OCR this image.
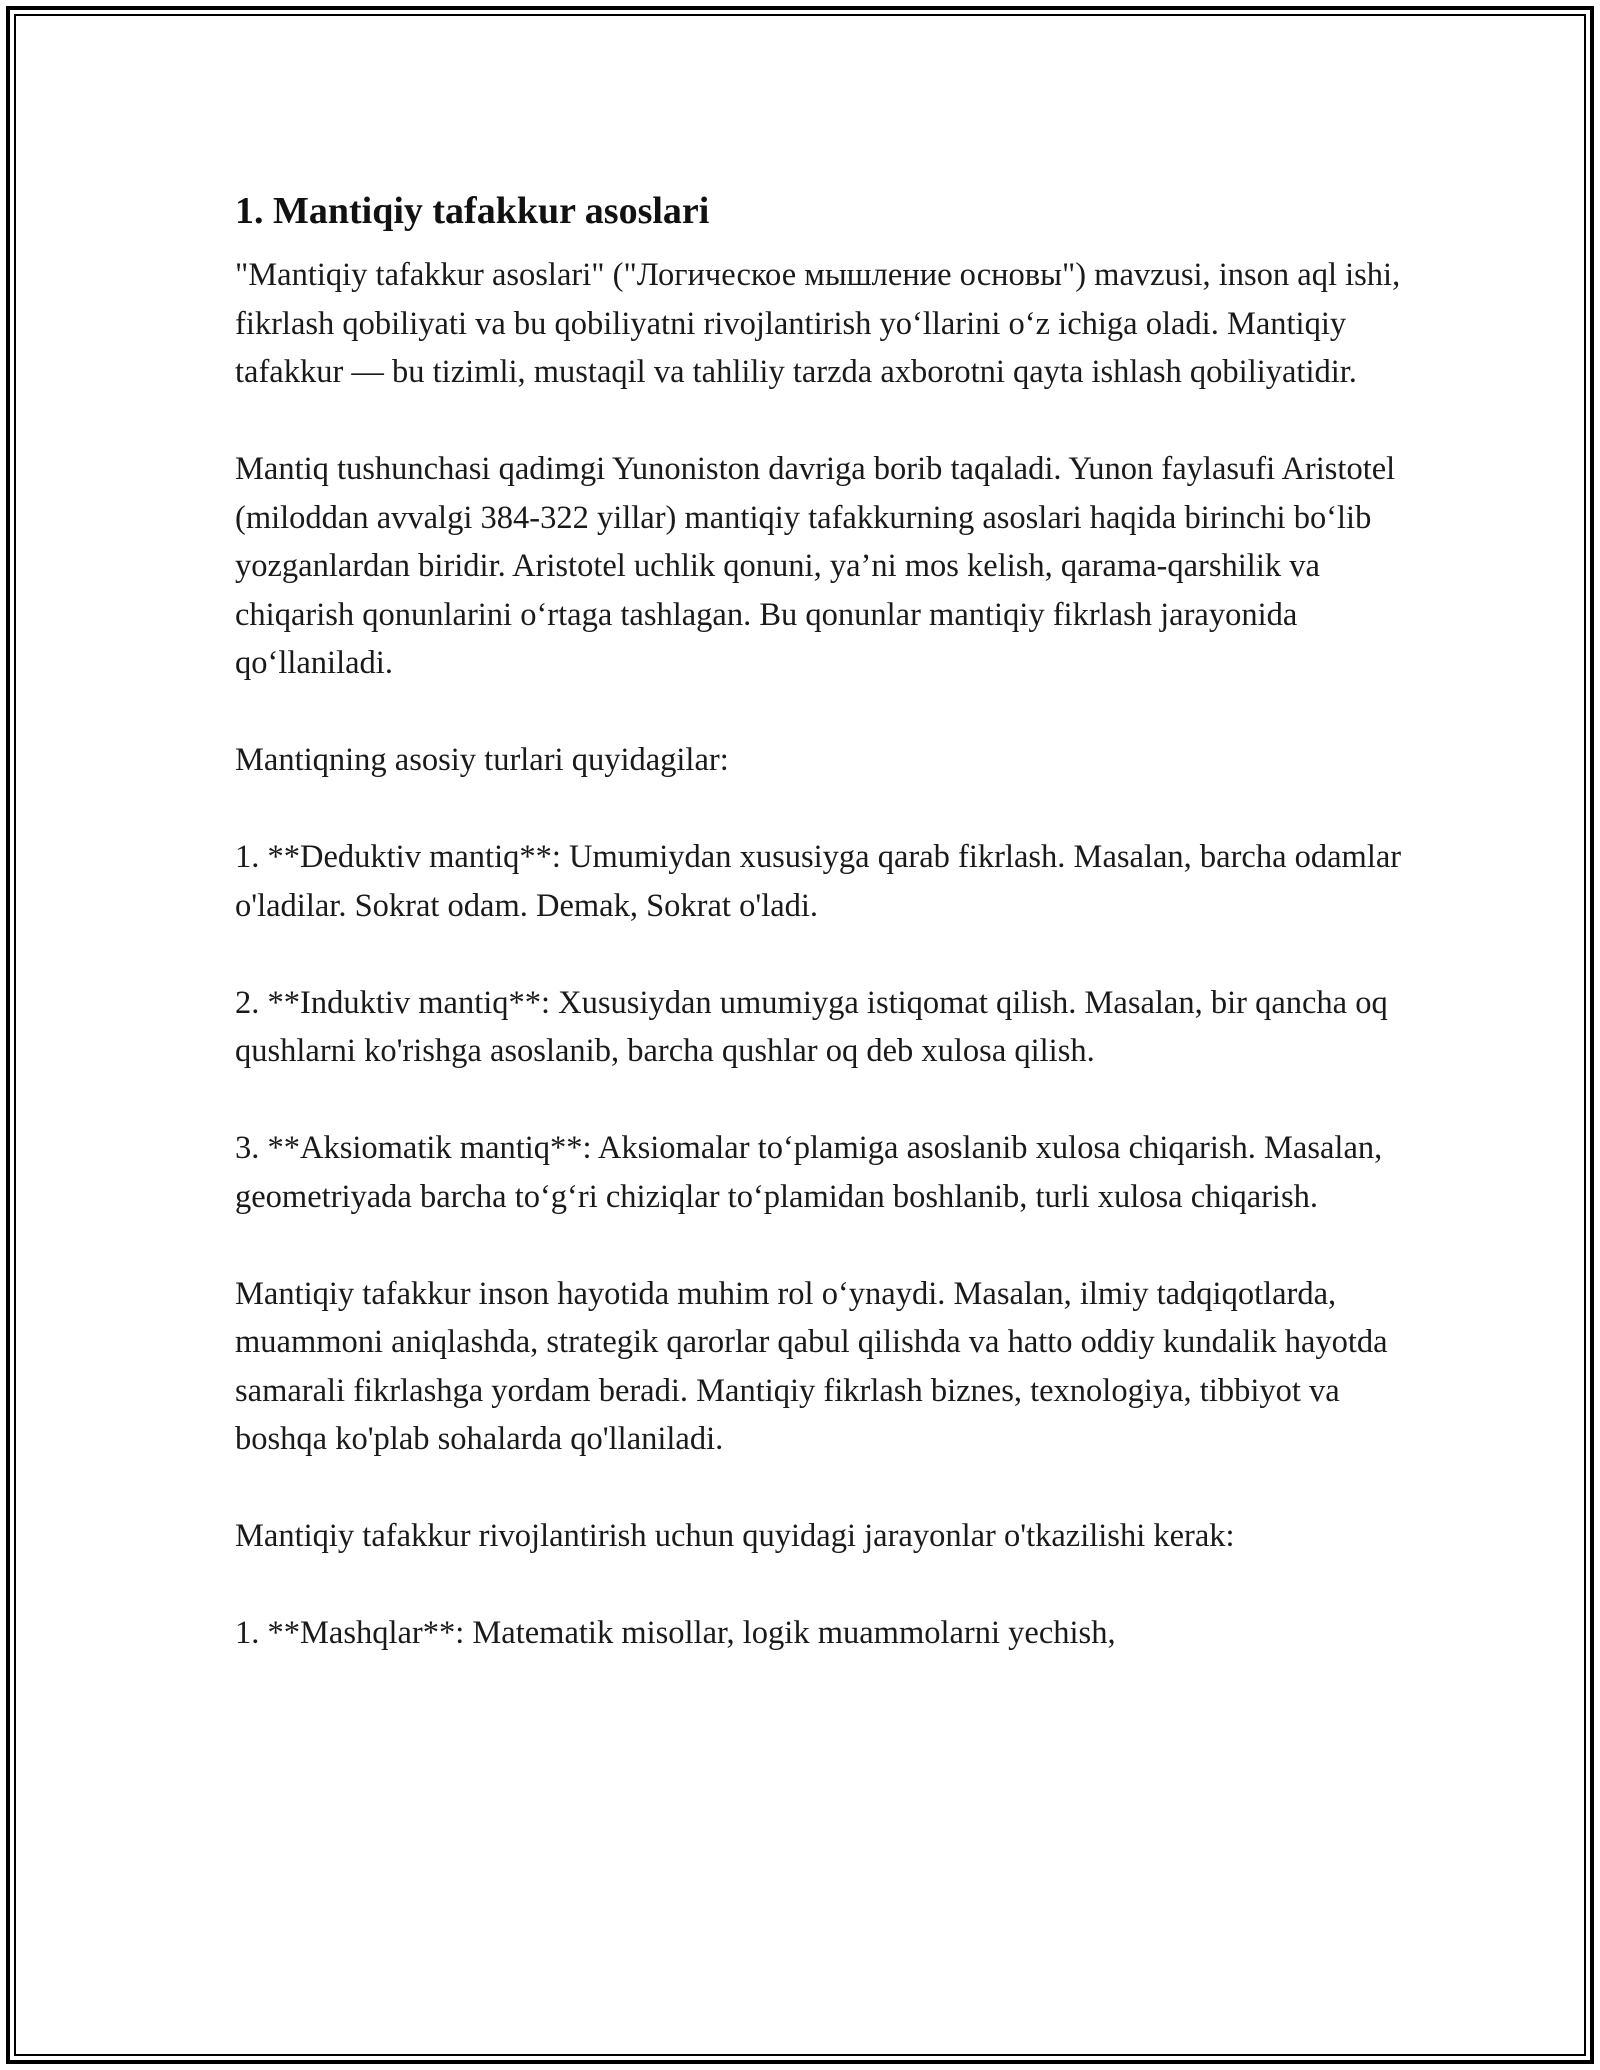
1. Mantiqiy tafakkur asoslari

"Mantiqiy tafakkur asoslari" ("Логическое мышление основы") mavzusi, inson aql ishi, fikrlash qobiliyati va bu qobiliyatni rivojlantirish yo‘llarini o‘z ichiga oladi. Mantiqiy tafakkur — bu tizimli, mustaqil va tahliliy tarzda axborotni qayta ishlash qobiliyatidir.

Mantiq tushunchasi qadimgi Yunoniston davriga borib taqaladi. Yunon faylasufi Aristotel (miloddan avvalgi 384-322 yillar) mantiqiy tafakkurning asoslari haqida birinchi bo‘lib yozganlardan biridir. Aristotel uchlik qonuni, ya’ni mos kelish, qarama-qarshilik va chiqarish qonunlarini o‘rtaga tashlagan. Bu qonunlar mantiqiy fikrlash jarayonida qo‘llaniladi.

Mantiqning asosiy turlari quyidagilar:

1. **Deduktiv mantiq**: Umumiydan xususiyga qarab fikrlash. Masalan, barcha odamlar o'ladilar. Sokrat odam. Demak, Sokrat o'ladi.

2. **Induktiv mantiq**: Xususiydan umumiyga istiqomat qilish. Masalan, bir qancha oq qushlarni ko'rishga asoslanib, barcha qushlar oq deb xulosa qilish.

3. **Aksiomatik mantiq**: Aksiomalar to‘plamiga asoslanib xulosa chiqarish. Masalan, geometriyada barcha to‘g‘ri chiziqlar to‘plamidan boshlanib, turli xulosa chiqarish.

Mantiqiy tafakkur inson hayotida muhim rol o‘ynaydi. Masalan, ilmiy tadqiqotlarda, muammoni aniqlashda, strategik qarorlar qabul qilishda va hatto oddiy kundalik hayotda samarali fikrlashga yordam beradi. Mantiqiy fikrlash biznes, texnologiya, tibbiyot va boshqa ko'plab sohalarda qo'llaniladi.

Mantiqiy tafakkur rivojlantirish uchun quyidagi jarayonlar o'tkazilishi kerak:

1. **Mashqlar**: Matematik misollar, logik muammolarni yechish,
